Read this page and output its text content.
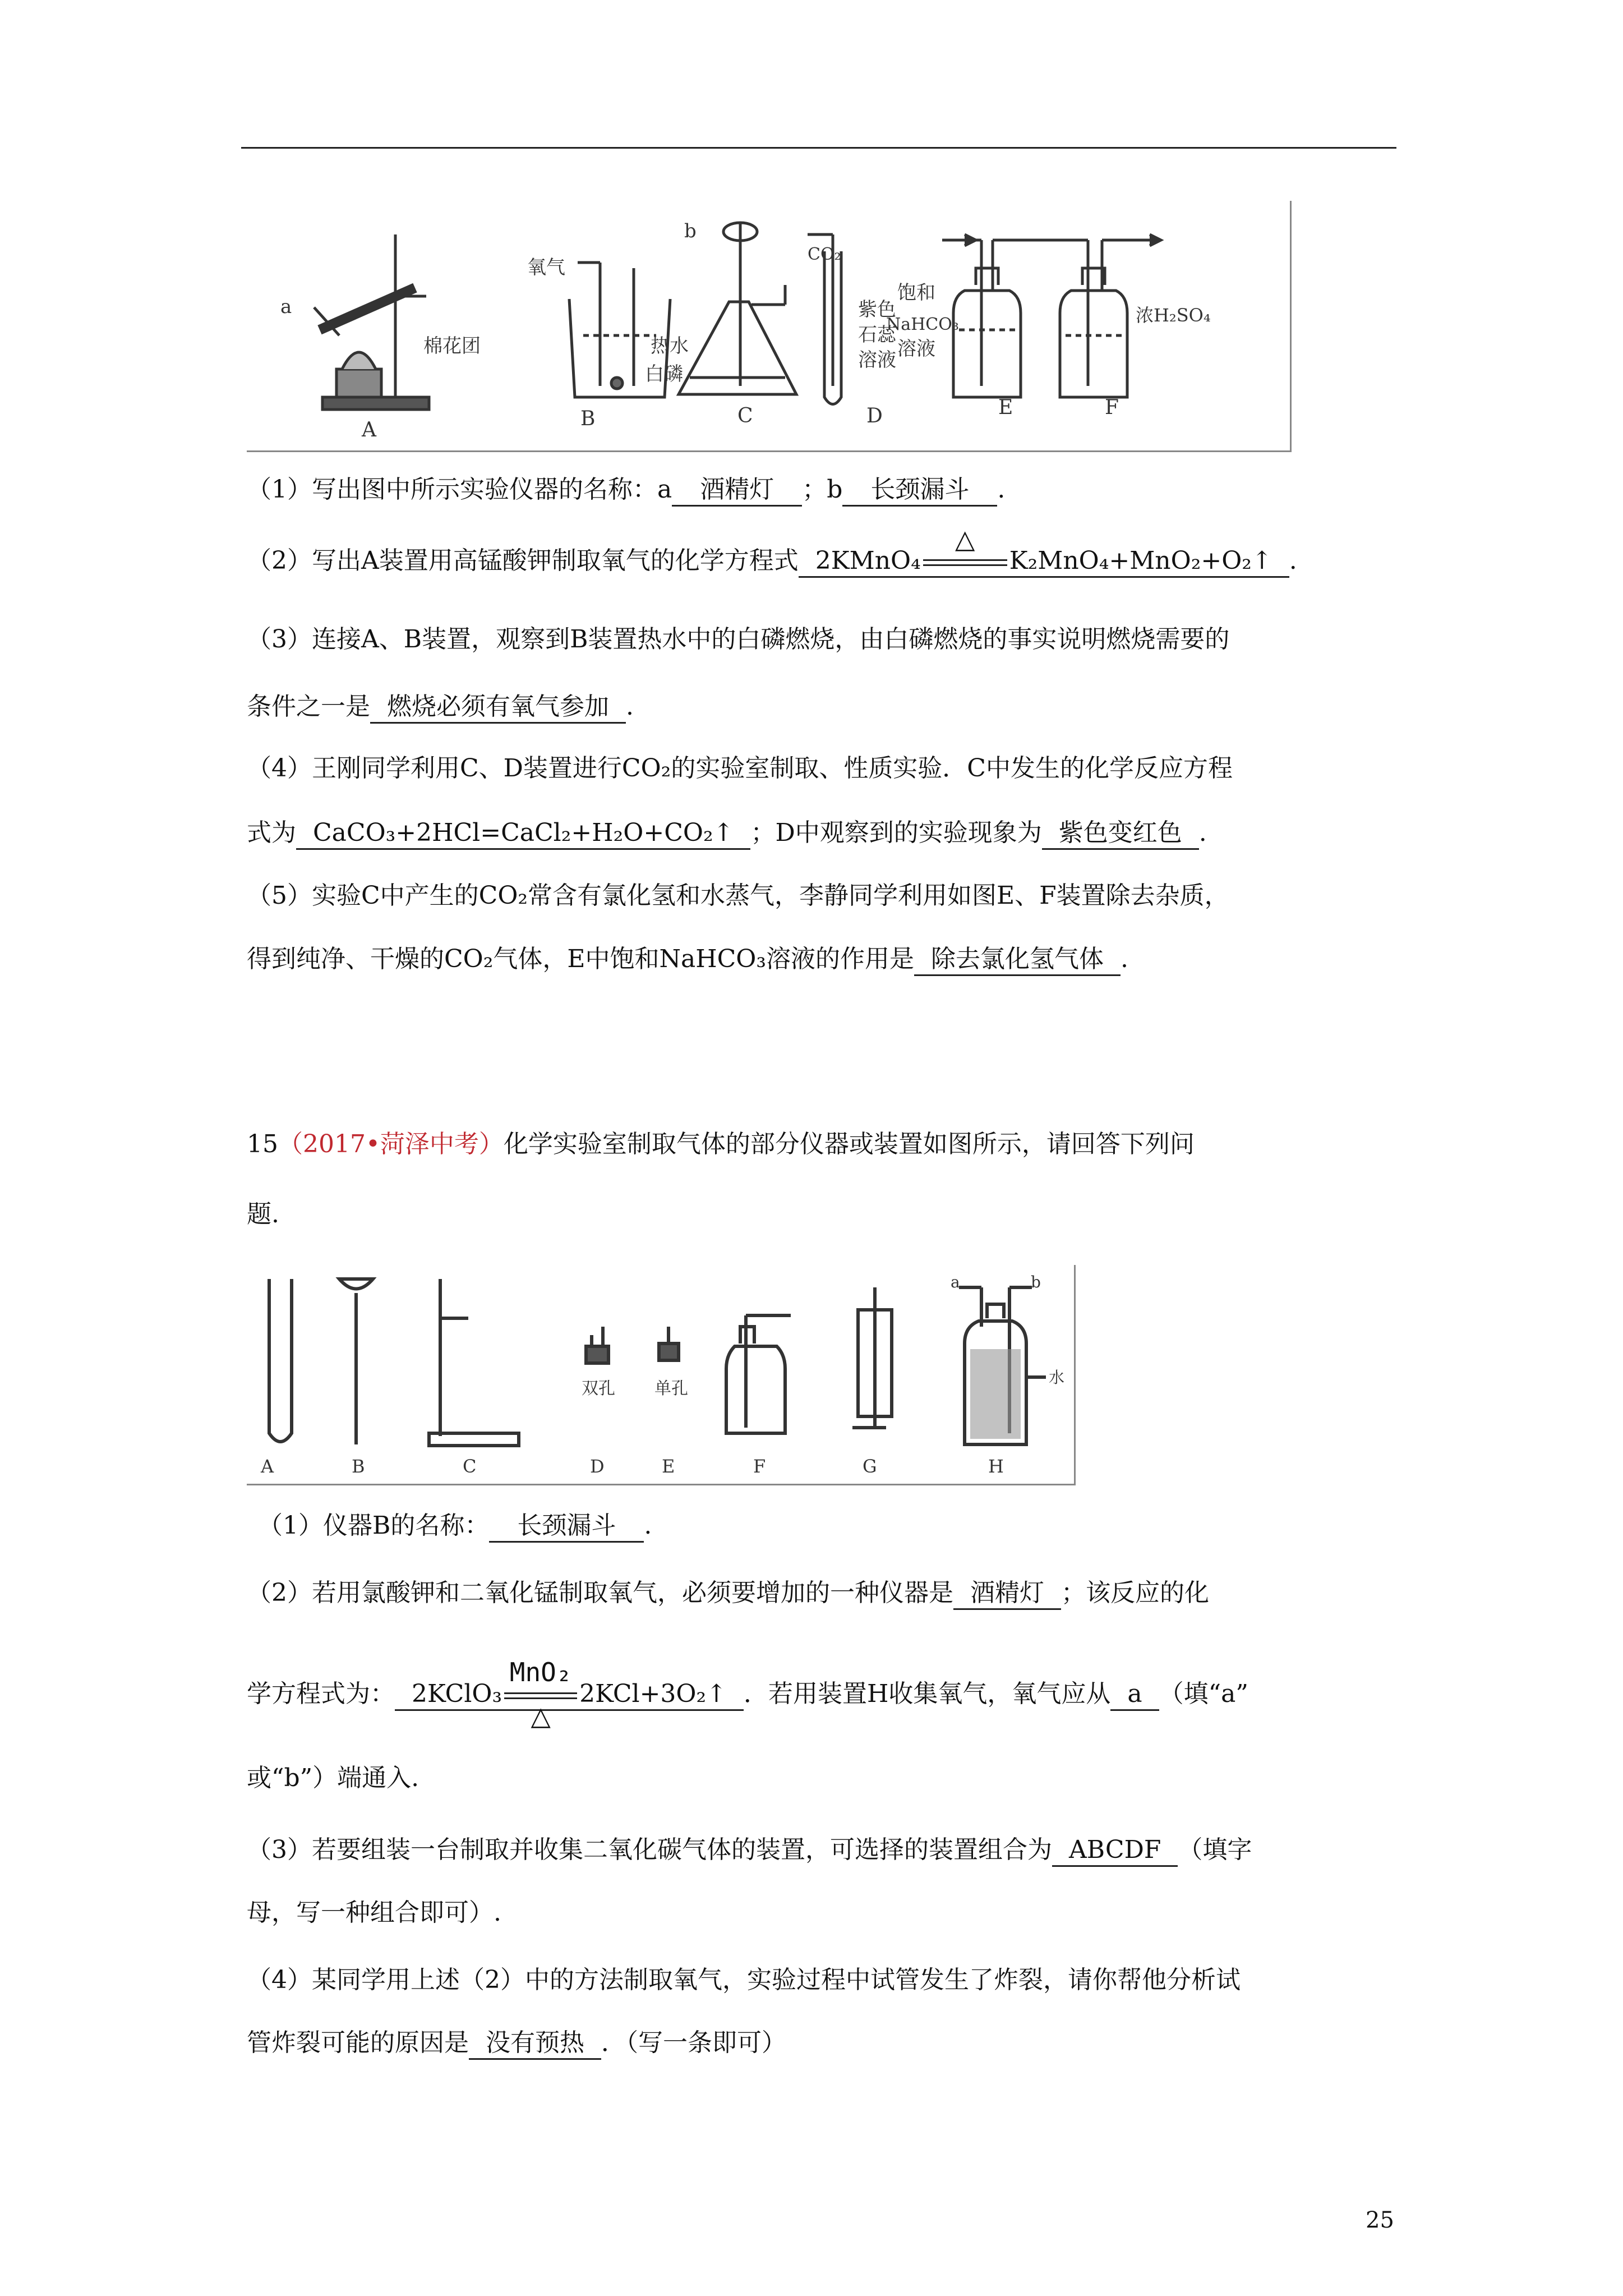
a
棉花团
氧气
热水
白磷
b
CO₂
紫色
石蕊
溶液
饱和
NaHCO₃
溶液
浓H₂SO₄
A	B	C	D	E	F
（1）写出图中所示实验仪器的名称：a 酒精灯 ；b 长颈漏斗 .
（2）写出A装置用高锰酸钾制取氧气的化学方程式 2KMnO₄
△
K₂MnO₄+MnO₂+O₂↑ .
（3）连接A、B装置，观察到B装置热水中的白磷燃烧，由白磷燃烧的事实说明燃烧需要的
条件之一是 燃烧必须有氧气参加 .
（4）王刚同学利用C、D装置进行CO₂的实验室制取、性质实验．C中发生的化学反应方程
式为 CaCO₃+2HCl=CaCl₂+H₂O+CO₂↑ ；D中观察到的实验现象为 紫色变红色 .
（5）实验C中产生的CO₂常含有氯化氢和水蒸气，李静同学利用如图E、F装置除去杂质，
得到纯净、干燥的CO₂气体，E中饱和NaHCO₃溶液的作用是 除去氯化氢气体 .
15（2017•菏泽中考）化学实验室制取气体的部分仪器或装置如图所示，请回答下列问
题.
双孔 单孔
a	b
水
A	B	C	D	E	F	G	H
（1）仪器B的名称： 长颈漏斗 .
（2）若用氯酸钾和二氧化锰制取氧气，必须要增加的一种仪器是 酒精灯 ；该反应的化
学方程式为： 2KClO₃
MnO₂
△
2KCl+3O₂↑ ．若用装置H收集氧气，氧气应从 a （填“a”
或“b”）端通入.
（3）若要组装一台制取并收集二氧化碳气体的装置，可选择的装置组合为 ABCDF （填字
母，写一种组合即可）.
（4）某同学用上述（2）中的方法制取氧气，实验过程中试管发生了炸裂，请你帮他分析试
管炸裂可能的原因是 没有预热 ．（写一条即可）
25
